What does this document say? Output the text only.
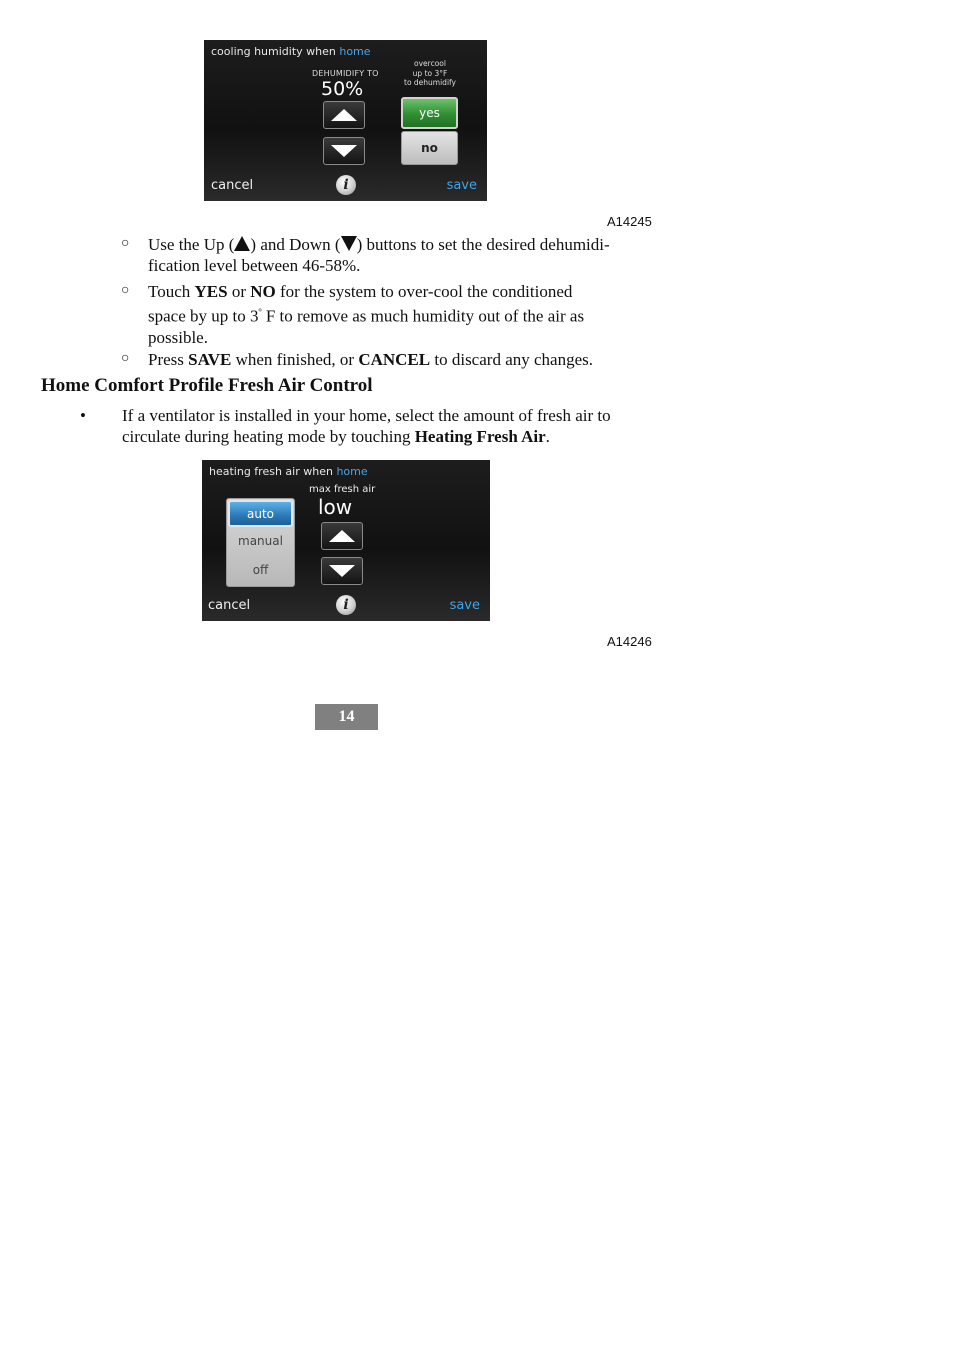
cooling humidity when home
DEHUMIDIFY TO
50%
overcool
up to 3°F
to dehumidify
yes
no
cancel	i	save
A14245
○ Use the Up ( ) and Down ( ) buttons to set the desired dehumidi-
fication level between 46-58%.
○ Touch YES or NO for the system to over-cool the conditioned
space by up to $3^º$ F to remove as much humidity out of the air as
possible.
○ Press SAVE when finished, or CANCEL to discard any changes.
Home Comfort Profile Fresh Air Control
• If a ventilator is installed in your home, select the amount of fresh air to
circulate during heating mode by touching Heating Fresh Air.
heating fresh air when home
auto
manual
off
max fresh air
low
cancel	i	save
A14246
14
